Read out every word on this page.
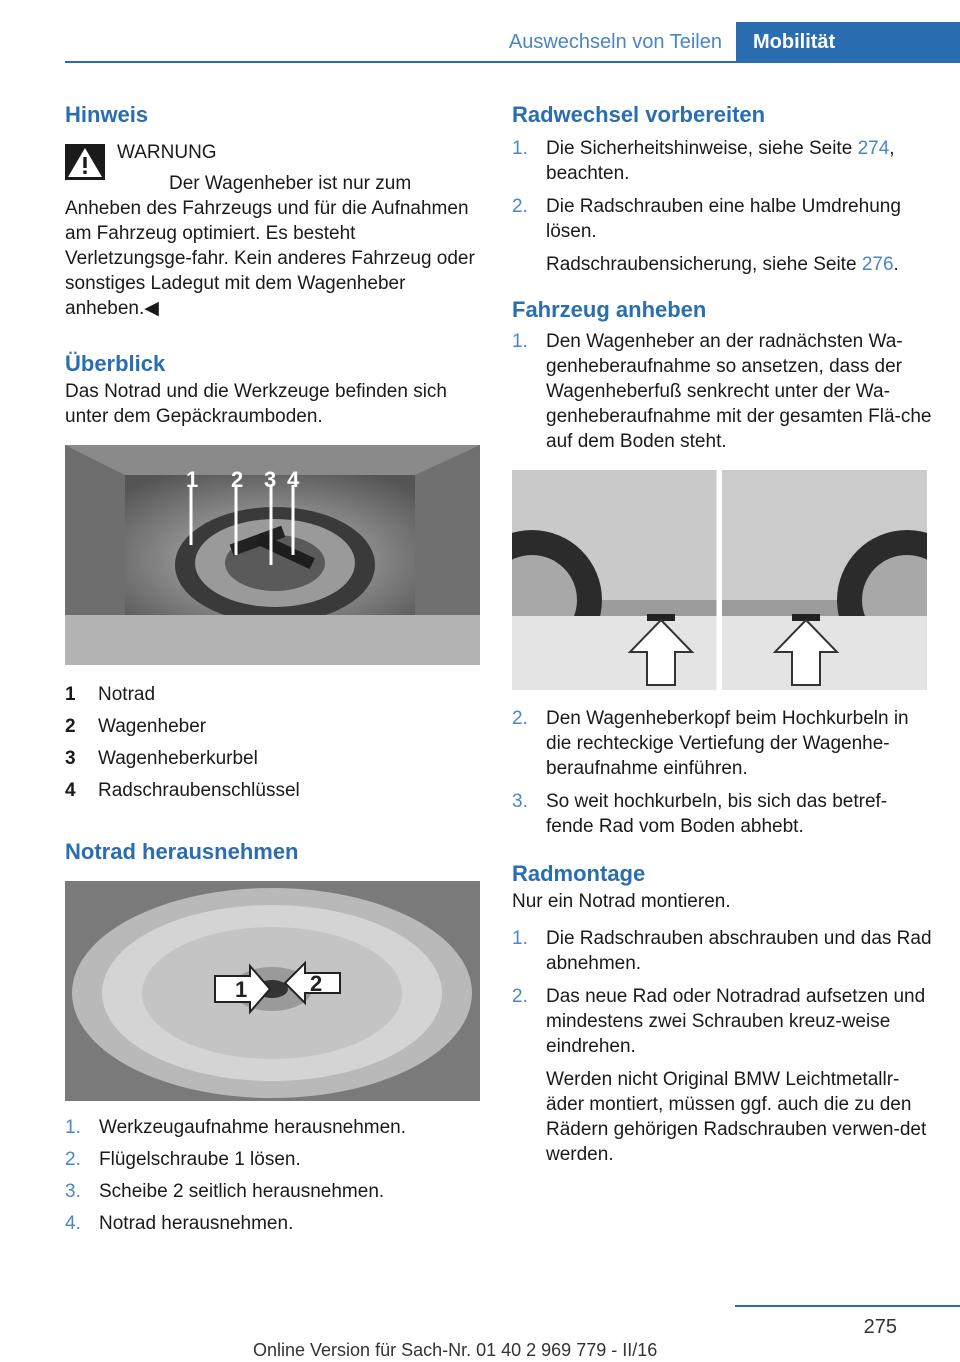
Auswechseln von Teilen	Mobilität
Hinweis
WARNUNG

Der Wagenheber ist nur zum Anheben des Fahrzeugs und für die Aufnahmen am Fahrzeug optimiert. Es besteht Verletzungsge‐fahr. Kein anderes Fahrzeug oder sonstiges Ladegut mit dem Wagenheber anheben.◀

Überblick

Das Notrad und die Werkzeuge befinden sich unter dem Gepäckraumboden.

1 2 3 4
1	Notrad
2	Wagenheber
3	Wagenheberkurbel
4	Radschraubenschlüssel
Notrad herausnehmen
1	2
1. Werkzeugaufnahme herausnehmen.
2. Flügelschraube 1 lösen.
3. Scheibe 2 seitlich herausnehmen.
4. Notrad herausnehmen.
Radwechsel vorbereiten
1. Die Sicherheitshinweise, siehe Seite 274, beachten.
2. Die Radschrauben eine halbe Umdrehung lösen.

Radschraubensicherung, siehe Seite 276.

Fahrzeug anheben
1. Den Wagenheber an der radnächsten Wa‐genheberaufnahme so ansetzen, dass der Wagenheberfuß senkrecht unter der Wa‐genheberaufnahme mit der gesamten Flä‐che auf dem Boden steht.
2. Den Wagenheberkopf beim Hochkurbeln in die rechteckige Vertiefung der Wagenhe‐beraufnahme einführen.
3. So weit hochkurbeln, bis sich das betref‐fende Rad vom Boden abhebt.
Radmontage

Nur ein Notrad montieren.

1. Die Radschrauben abschrauben und das Rad abnehmen.
2. Das neue Rad oder Notradrad aufsetzen und mindestens zwei Schrauben kreuz‐weise eindrehen.

Werden nicht Original BMW Leichtmetallr‐äder montiert, müssen ggf. auch die zu den Rädern gehörigen Radschrauben verwen‐det werden.

275
Online Version für Sach-Nr. 01 40 2 969 779 - II/16
